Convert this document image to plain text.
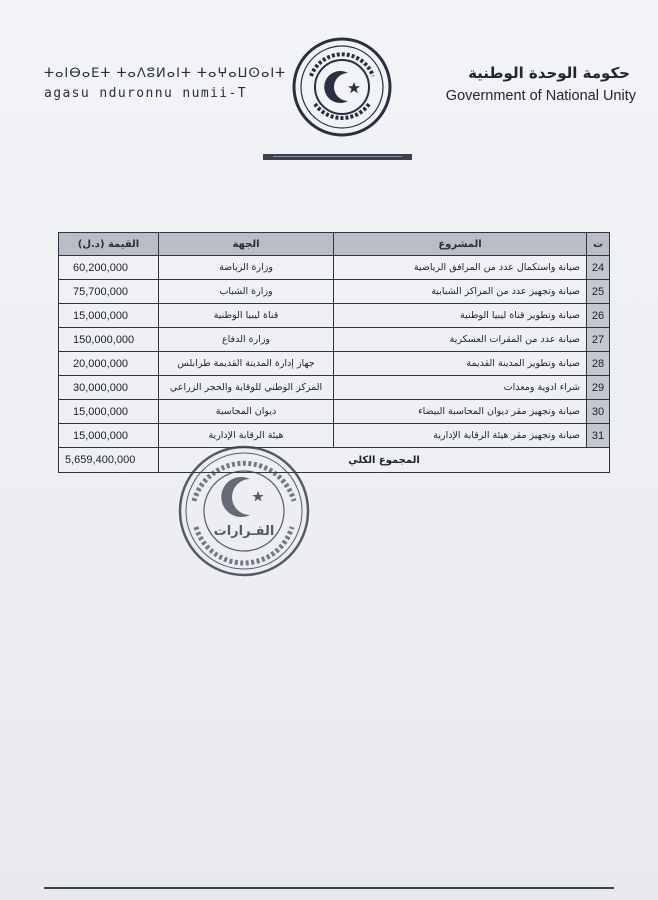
ⵜⴰⵏⴱⴰⴹⵜ ⵜⴰⴷⵓⵍⴰⵏⵜ ⵜⴰⵖⴰⵡⵙⴰⵏⵜ
agasu nduronnu numii-T
حكومة الوحدة الوطنية
Government of National Unity
القيمة (د.ل)	الجهة	المشروع	ت
60,200,000	وزارة الرياضة	صيانة واستكمال عدد من المرافق الرياضية	24
75,700,000	وزارة الشباب	صيانة وتجهيز عدد من المراكز الشبابية	25
15,000,000	قناة ليبيا الوطنية	صيانة وتطوير قناة ليبيا الوطنية	26
150,000,000	وزارة الدفاع	صيانة عدد من المقرات العسكرية	27
20,000,000	جهاز إدارة المدينة القديمة طرابلس	صيانة وتطوير المدينة القديمة	28
30,000,000	المركز الوطني للوقاية والحجر الزراعي	شراء ادوية ومعدات	29
15,000,000	ديوان المحاسبة	صيانة وتجهيز مقر ديوان المحاسبة البيضاء	30
15,000,000	هيئة الرقابة الإدارية	صيانة وتجهيز مقر هيئة الرقابة الإدارية	31
5,659,400,000	المجموع الكلي		
القـرارات
